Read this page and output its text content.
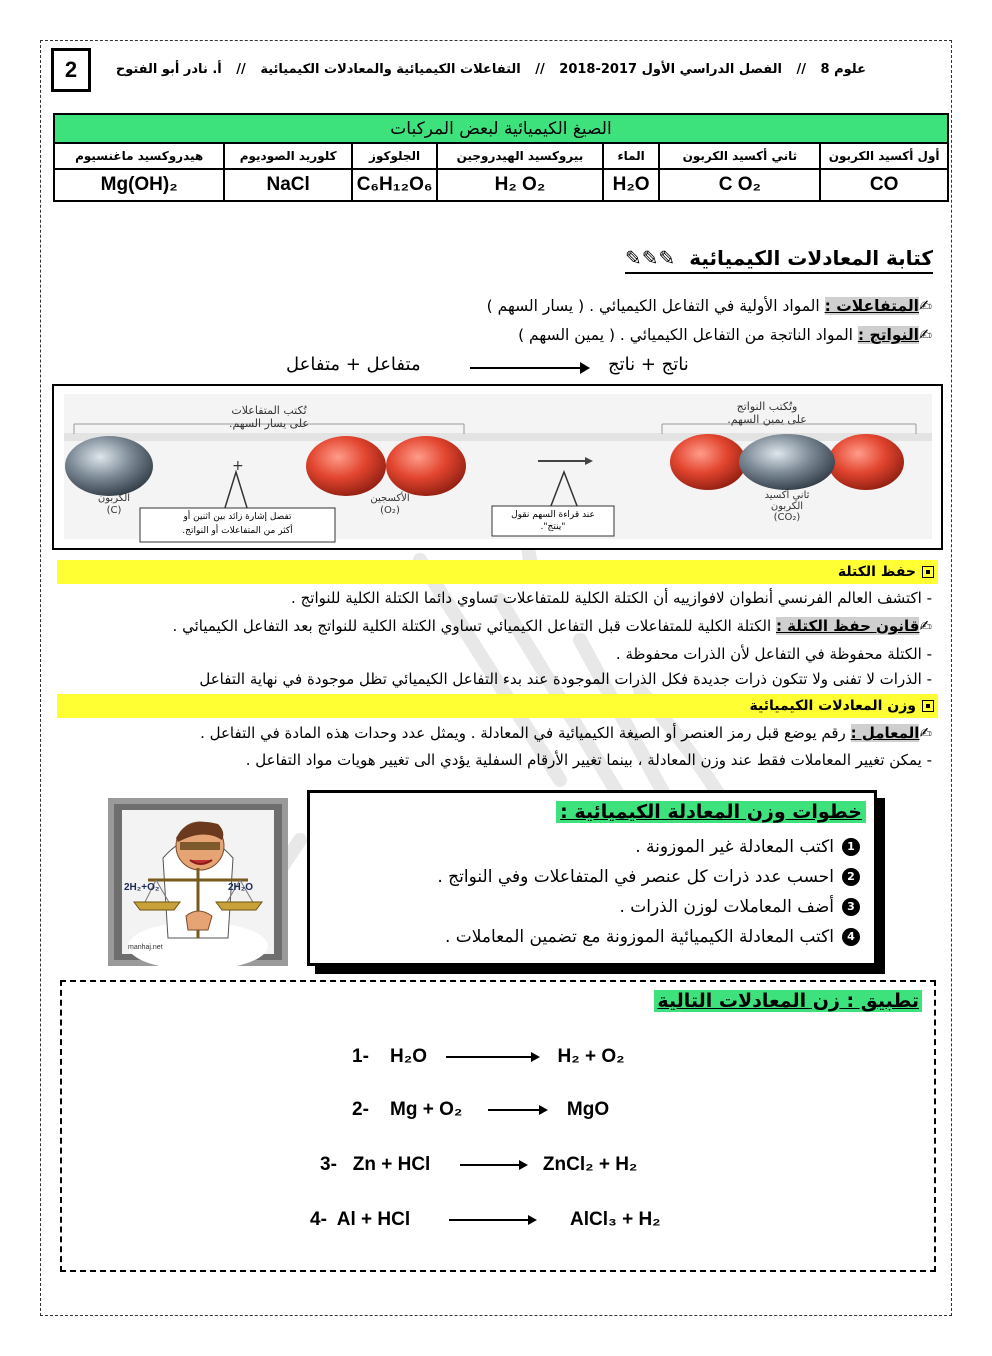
2	علوم 8 // الفصل الدراسي الأول 2017-2018 // التفاعلات الكيميائية والمعادلات الكيميائية // أ. نادر أبو الفتوح
الصيغ الكيميائية لبعض المركبات						
أول أكسيد الكربون	ثاني أكسيد الكربون	الماء	بيروكسيد الهيدروجين	الجلوكوز	كلوريد الصوديوم	هيدروكسيد ماغنسيوم
CO	C O₂	H₂O	H₂ O₂	C₆H₁₂O₆	NaCl	Mg(OH)₂
كتابة المعادلات الكيميائية  ✎✎✎
✍المتفاعلات : المواد الأولية في التفاعل الكيميائي . ( يسار السهم )
✍النواتج : المواد الناتجة من التفاعل الكيميائي . ( يمين السهم )
متفاعل + متفاعل	ناتج + ناتج
+
تُكتب المتفاعلات
على يسار السهم.
وتُكتب النواتج
على يمين السهم.
الكربون
(C)
الأكسجين
(O₂)
ثاني أكسيد
الكربون
(CO₂)
تفصل إشارة زائد بين اثنين أو
أكثر من المتفاعلات أو النواتج.
عند قراءة السهم نقول
"ينتج".
حفظ الكتلة
- اكتشف العالم الفرنسي أنطوان لافوازييه أن الكتلة الكلية للمتفاعلات تساوي دائما الكتلة الكلية للنواتج .
✍قانون حفظ الكتلة : الكتلة الكلية للمتفاعلات قبل التفاعل الكيميائي تساوي الكتلة الكلية للنواتج بعد التفاعل الكيميائي .
- الكتلة محفوظة في التفاعل لأن الذرات محفوظة .
- الذرات لا تفنى ولا تتكون ذرات جديدة فكل الذرات الموجودة عند بدء التفاعل الكيميائي تظل موجودة في نهاية التفاعل
وزن المعادلات الكيميائية
✍المعامل : رقم يوضع قبل رمز العنصر أو الصيغة الكيميائية في المعادلة . ويمثل عدد وحدات هذه المادة في التفاعل .
- يمكن تغيير المعاملات فقط عند وزن المعادلة ، بينما تغيير الأرقام السفلية يؤدي الى تغيير هويات مواد التفاعل .
2H₂+O₂	2H₂O
manhaj.net
خطوات وزن المعادلة الكيميائية :
1اكتب المعادلة غير الموزونة .
2احسب عدد ذرات كل عنصر في المتفاعلات وفي النواتج .
3أضف المعاملات لوزن الذرات .
4اكتب المعادلة الكيميائية الموزونة مع تضمين المعاملات .
تطبيق : زن المعادلات التالية
1- H₂O	H₂ + O₂
2- Mg + O₂	MgO
3- Zn + HCl	ZnCl₂ + H₂
4- Al + HCl	AlCl₃ + H₂
